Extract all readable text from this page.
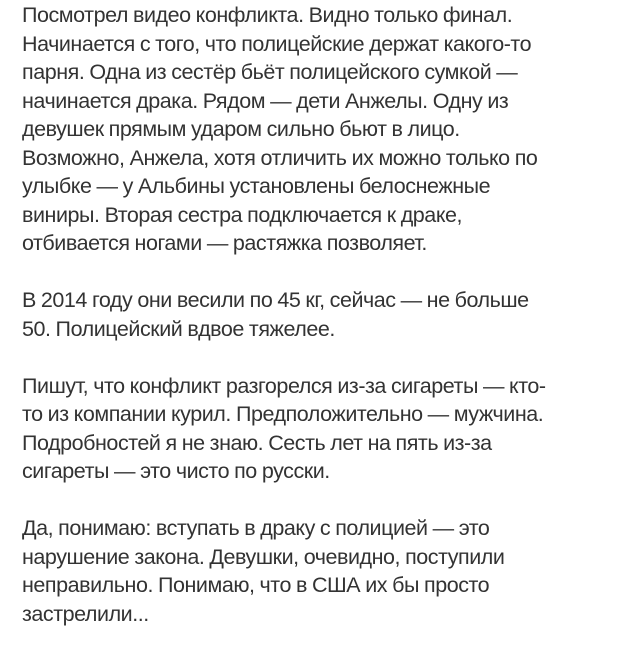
Посмотрел видео конфликта. Видно только финал.
Начинается с того, что полицейские держат какого-то
парня. Одна из сестёр бьёт полицейского сумкой —
начинается драка. Рядом — дети Анжелы. Одну из
девушек прямым ударом сильно бьют в лицо.
Возможно, Анжела, хотя отличить их можно только по
улыбке — у Альбины установлены белоснежные
виниры. Вторая сестра подключается к драке,
отбивается ногами — растяжка позволяет.

В 2014 году они весили по 45 кг, сейчас — не больше
50. Полицейский вдвое тяжелее.

Пишут, что конфликт разгорелся из-за сигареты — кто-
то из компании курил. Предположительно — мужчина.
Подробностей я не знаю. Сесть лет на пять из-за
сигареты — это чисто по русски.

Да, понимаю: вступать в драку с полицией — это
нарушение закона. Девушки, очевидно, поступили
неправильно. Понимаю, что в США их бы просто
застрелили...
